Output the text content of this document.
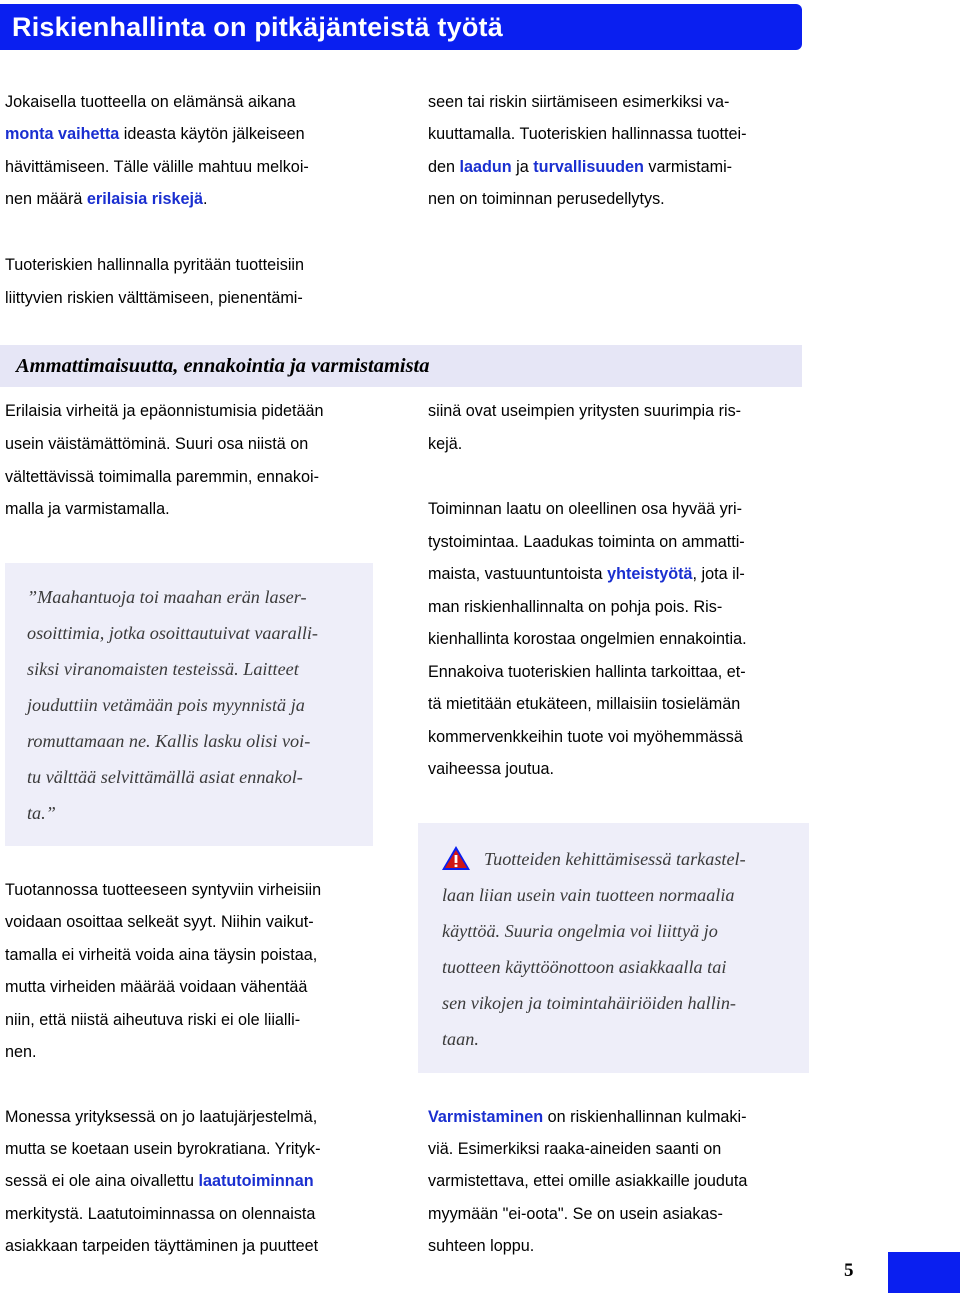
Riskienhallinta on pitkäjänteistä työtä

Jokaisella tuotteella on elämänsä aikana

monta vaihetta ideasta käytön jälkeiseen

hävittämiseen. Tälle välille mahtuu melkoi-

nen määrä erilaisia riskejä.

seen tai riskin siirtämiseen esimerkiksi va-

kuuttamalla. Tuoteriskien hallinnassa tuottei-

den laadun ja turvallisuuden varmistami-

nen on toiminnan perusedellytys.

Tuoteriskien hallinnalla pyritään tuotteisiin

liittyvien riskien välttämiseen, pienentämi-

Ammattimaisuutta, ennakointia ja varmistamista

Erilaisia virheitä ja epäonnistumisia pidetään

usein väistämättöminä. Suuri osa niistä on

vältettävissä toimimalla paremmin, ennakoi-

malla ja varmistamalla.

”Maahantuoja toi maahan erän laser-

osoittimia, jotka osoittautuivat vaaralli-

siksi viranomaisten testeissä. Laitteet

jouduttiin vetämään pois myynnistä ja

romuttamaan ne. Kallis lasku olisi voi-

tu välttää selvittämällä asiat ennakol-

ta.”

Tuotannossa tuotteeseen syntyviin virheisiin

voidaan osoittaa selkeät syyt. Niihin vaikut-

tamalla ei virheitä voida aina täysin poistaa,

mutta virheiden määrää voidaan vähentää

niin, että niistä aiheutuva riski ei ole liialli-

nen.

siinä ovat useimpien yritysten suurimpia ris-

kejä.

Toiminnan laatu on oleellinen osa hyvää yri-

tystoimintaa. Laadukas toiminta on ammatti-

maista, vastuuntuntoista yhteistyötä, jota il-

man riskienhallinnalta on pohja pois. Ris-

kienhallinta korostaa ongelmien ennakointia.

Ennakoiva tuoteriskien hallinta tarkoittaa, et-

tä mietitään etukäteen, millaisiin tosielämän

kommervenkkeihin tuote voi myöhemmässä

vaiheessa joutua.

Tuotteiden kehittämisessä tarkastel-

laan liian usein vain tuotteen normaalia

käyttöä. Suuria ongelmia voi liittyä jo

tuotteen käyttöönottoon asiakkaalla tai

sen vikojen ja toimintahäiriöiden hallin-

taan.

Monessa yrityksessä on jo laatujärjestelmä,

mutta se koetaan usein byrokratiana. Yrityk-

sessä ei ole aina oivallettu laatutoiminnan

merkitystä. Laatutoiminnassa on olennaista

asiakkaan tarpeiden täyttäminen ja puutteet

Varmistaminen on riskienhallinnan kulmaki-

viä. Esimerkiksi raaka-aineiden saanti on

varmistettava, ettei omille asiakkaille jouduta

myymään "ei-oota". Se on usein asiakas-

suhteen loppu.

5
